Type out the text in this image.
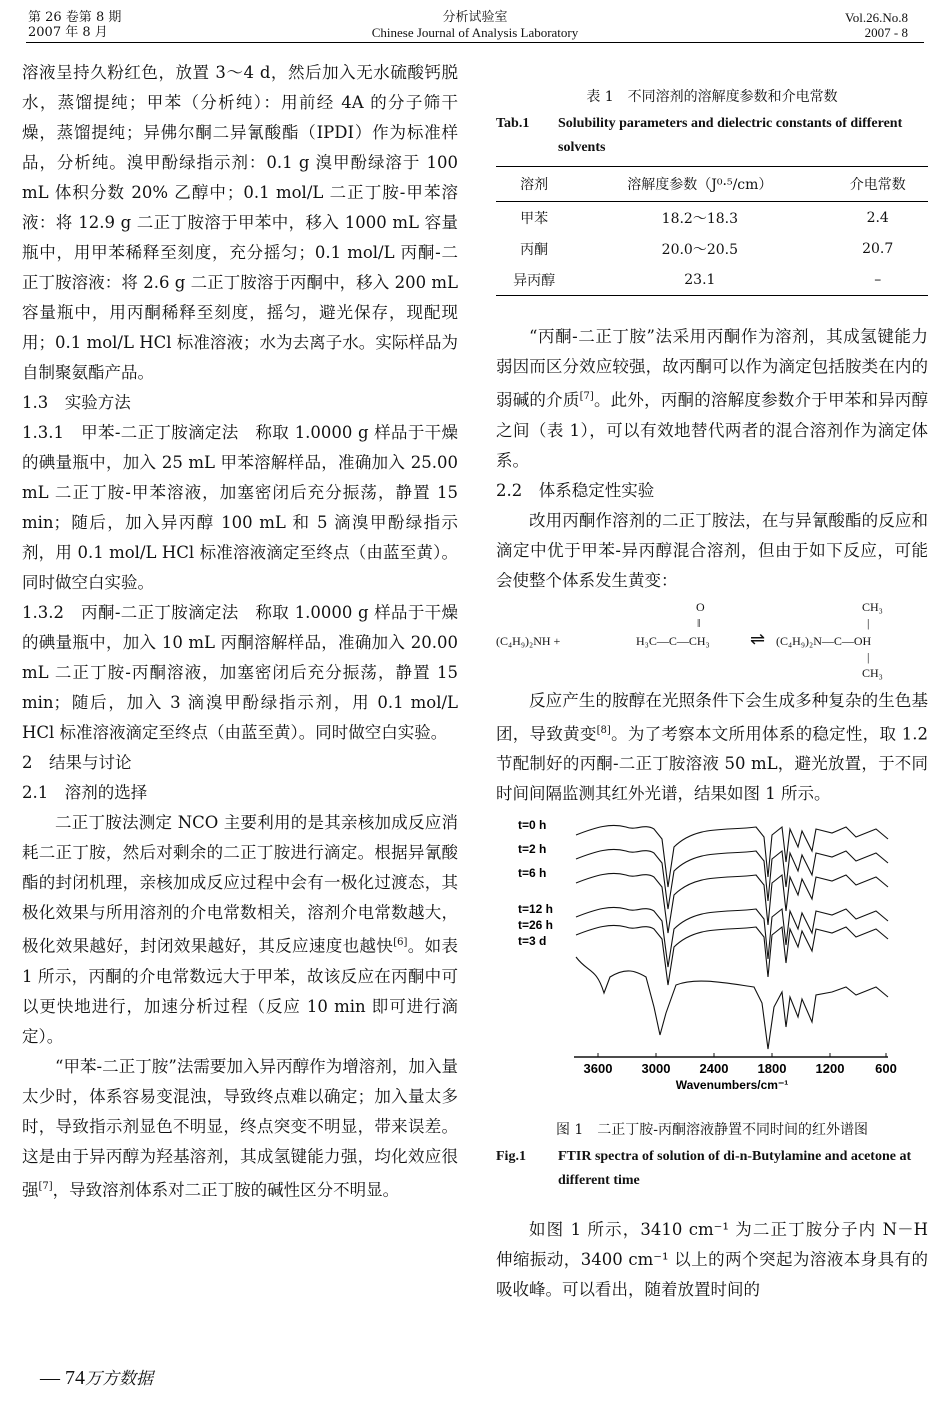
第 26 卷第 8 期
2007 年 8 月
分析试验室
Chinese Journal of Analysis Laboratory
Vol.26.No.8
2007 - 8

溶液呈持久粉红色，放置 3～4 d，然后加入无水硫酸钙脱水，蒸馏提纯；甲苯（分析纯）：用前经 4A 的分子筛干燥，蒸馏提纯；异佛尔酮二异氰酸酯（IPDI）作为标准样品，分析纯。溴甲酚绿指示剂：0.1 g 溴甲酚绿溶于 100 mL 体积分数 20% 乙醇中；0.1 mol/L 二正丁胺-甲苯溶液：将 12.9 g 二正丁胺溶于甲苯中，移入 1000 mL 容量瓶中，用甲苯稀释至刻度，充分摇匀；0.1 mol/L 丙酮-二正丁胺溶液：将 2.6 g 二正丁胺溶于丙酮中，移入 200 mL 容量瓶中，用丙酮稀释至刻度，摇匀，避光保存，现配现用；0.1 mol/L HCl 标准溶液；水为去离子水。实际样品为自制聚氨酯产品。

1.3　实验方法

1.3.1　甲苯-二正丁胺滴定法　称取 1.0000 g 样品于干燥的碘量瓶中，加入 25 mL 甲苯溶解样品，准确加入 25.00 mL 二正丁胺-甲苯溶液，加塞密闭后充分振荡，静置 15 min；随后，加入异丙醇 100 mL 和 5 滴溴甲酚绿指示剂，用 0.1 mol/L HCl 标准溶液滴定至终点（由蓝至黄）。同时做空白实验。

1.3.2　丙酮-二正丁胺滴定法　称取 1.0000 g 样品于干燥的碘量瓶中，加入 10 mL 丙酮溶解样品，准确加入 20.00 mL 二正丁胺-丙酮溶液，加塞密闭后充分振荡，静置 15 min；随后，加入 3 滴溴甲酚绿指示剂，用 0.1 mol/L HCl 标准溶液滴定至终点（由蓝至黄）。同时做空白实验。

2　结果与讨论

2.1　溶剂的选择

二正丁胺法测定 NCO 主要利用的是其亲核加成反应消耗二正丁胺，然后对剩余的二正丁胺进行滴定。根据异氰酸酯的封闭机理，亲核加成反应过程中会有一极化过渡态，其极化效果与所用溶剂的介电常数相关，溶剂介电常数越大，极化效果越好，封闭效果越好，其反应速度也越快[6]。如表 1 所示，丙酮的介电常数远大于甲苯，故该反应在丙酮中可以更快地进行，加速分析过程（反应 10 min 即可进行滴定）。

“甲苯-二正丁胺”法需要加入异丙醇作为增溶剂，加入量太少时，体系容易变混浊，导致终点难以确定；加入量太多时，导致指示剂显色不明显，终点突变不明显，带来误差。这是由于异丙醇为羟基溶剂，其成氢键能力强，均化效应很强[7]，导致溶剂体系对二正丁胺的碱性区分不明显。

表 1　不同溶剂的溶解度参数和介电常数

Tab.1	Solubility parameters and dielectric constants of different solvents
溶剂	溶解度参数（J⁰·⁵/cm）	介电常数
甲苯	18.2～18.3	2.4
丙酮	20.0～20.5	20.7
异丙醇	23.1	–

“丙酮-二正丁胺”法采用丙酮作为溶剂，其成氢键能力弱因而区分效应较强，故丙酮可以作为滴定包括胺类在内的弱碱的介质[7]。此外，丙酮的溶解度参数介于甲苯和异丙醇之间（表 1），可以有效地替代两者的混合溶剂作为滴定体系。

2.2　体系稳定性实验

改用丙酮作溶剂的二正丁胺法，在与异氰酸酯的反应和滴定中优于甲苯-异丙醇混合溶剂，但由于如下反应，可能会使整个体系发生黄变：

O
‖
(C₄H₉)₂NH +	H₃C—C—CH₃ ⇌
CH₃
|
(C₄H₉)₂N—C—OH
|
CH₃

反应产生的胺醇在光照条件下会生成多种复杂的生色基团，导致黄变[8]。为了考察本文所用体系的稳定性，取 1.2 节配制好的丙酮-二正丁胺溶液 50 mL，避光放置，于不同时间间隔监测其红外光谱，结果如图 1 所示。

t=0 h
t=2 h
t=6 h
t=12 h
t=26 h
t=3 d
3600 3000 2400 1800 1200 600
Wavenumbers/cm⁻¹

图 1　二正丁胺-丙酮溶液静置不同时间的红外谱图

Fig.1	FTIR spectra of solution of di-n-Butylamine and acetone at different time

如图 1 所示，3410 cm⁻¹ 为二正丁胺分子内 N－H 伸缩振动，3400 cm⁻¹ 以上的两个突起为溶液本身具有的吸收峰。可以看出，随着放置时间的

— 74万方数据
